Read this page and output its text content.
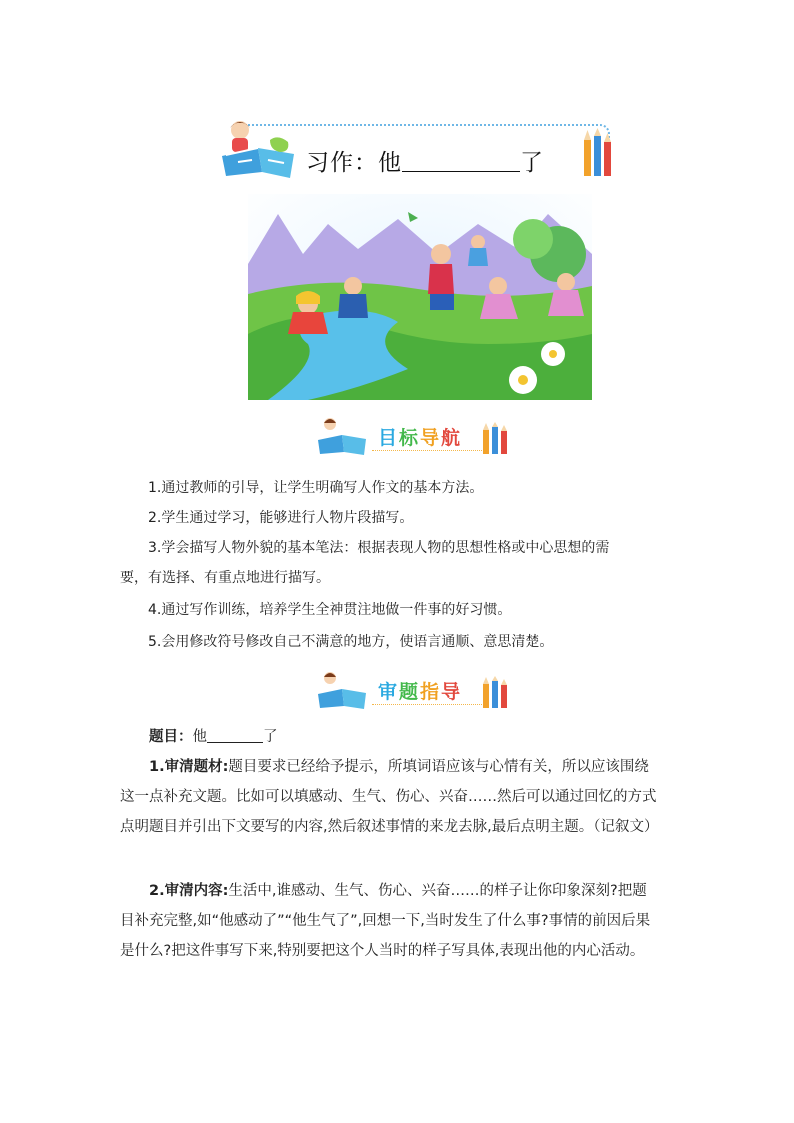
习作：他	了
目标导航
1.通过教师的引导，让学生明确写人作文的基本方法。
2.学生通过学习，能够进行人物片段描写。
3.学会描写人物外貌的基本笔法：根据表现人物的思想性格或中心思想的需
要，有选择、有重点地进行描写。
4.通过写作训练，培养学生全神贯注地做一件事的好习惯。
5.会用修改符号修改自己不满意的地方，使语言通顺、意思清楚。
审题指导
题目：他	了
1.审清题材:题目要求已经给予提示，所填词语应该与心情有关，所以应该围绕这一点补充文题。比如可以填感动、生气、伤心、兴奋……然后可以通过回忆的方式点明题目并引出下文要写的内容,然后叙述事情的来龙去脉,最后点明主题。（记叙文）
2.审清内容:生活中,谁感动、生气、伤心、兴奋……的样子让你印象深刻?把题目补充完整,如“他感动了”“他生气了”,回想一下,当时发生了什么事?事情的前因后果是什么?把这件事写下来,特别要把这个人当时的样子写具体,表现出他的内心活动。
